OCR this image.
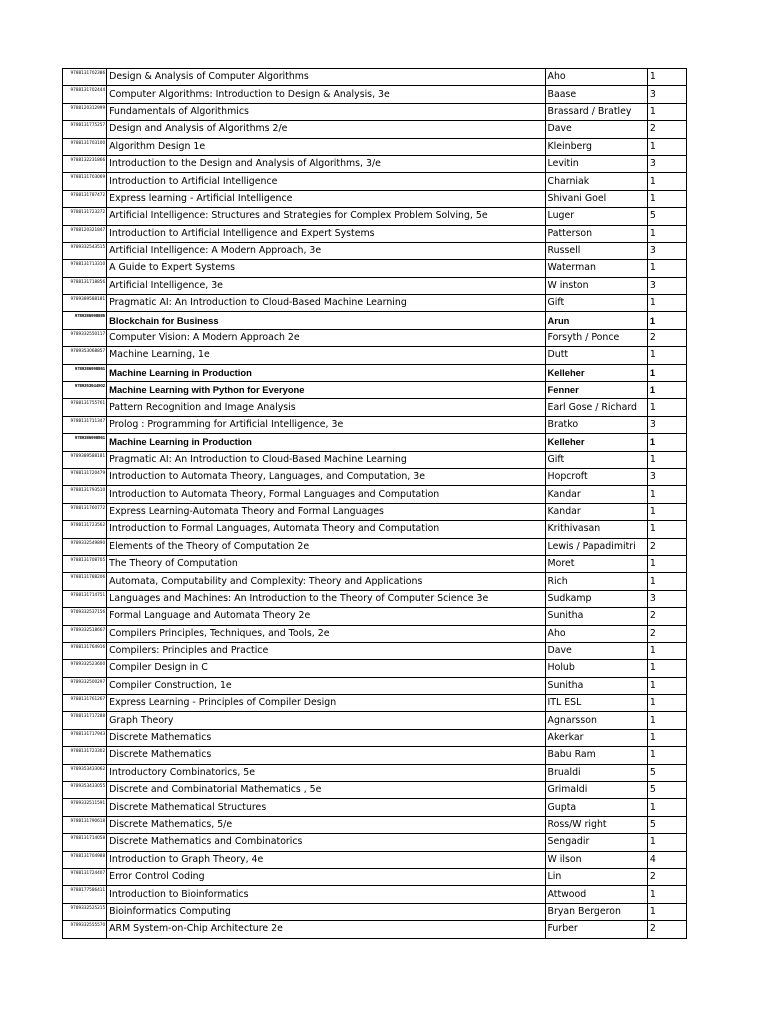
9788131702386	Design & Analysis of Computer Algorithms	Aho	1
9788131702444	Computer Algorithms: Introduction to Design & Analysis, 3e	Baase	3
9788120312999	Fundamentals of Algorithmics	Brassard / Bratley	1
9788131775257	Design and Analysis of Algorithms 2/e	Dave	2
9788131703100	Algorithm Design 1e	Kleinberg	1
9788132231866	Introduction to the Design and Analysis of Algorithms, 3/e	Levitin	3
9788131703069	Introduction to Artificial Intelligence	Charniak	1
9788131787472	Express learning - Artificial Intelligence	Shivani Goel	1
9788131723272	Artificial Intelligence: Structures and Strategies for Complex Problem Solving, 5e	Luger	5
9788120321847	Introduction to Artificial Intelligence and Expert Systems	Patterson	1
9789332543515	Artificial Intelligence: A Modern Approach, 3e	Russell	3
9788131713310	A Guide to Expert Systems	Waterman	1
9788131718856	Artificial Intelligence, 3e	W inston	3
9789389588181	Pragmatic AI: An Introduction to Cloud-Based Machine Learning	Gift	1
9789386998885	Blockchain for Business	Arun	1
9789332550117	Computer Vision: A Modern Approach 2e	Forsyth / Ponce	2
9789353068857	Machine Learning, 1e	Dutt	1
9789386998861	Machine Learning in Production	Kelleher	1
9789353944902	Machine Learning with Python for Everyone	Fenner	1
9788131755761	Pattern Recognition and Image Analysis	Earl Gose / Richard	1
9788131711347	Prolog : Programming for Artificial Intelligence, 3e	Bratko	3
9789386998861	Machine Learning in Production	Kelleher	1
9789389588181	Pragmatic AI: An Introduction to Cloud-Based Machine Learning	Gift	1
9788131720479	Introduction to Automata Theory, Languages, and Computation, 3e	Hopcroft	3
9788131793510	Introduction to Automata Theory, Formal Languages and Computation	Kandar	1
9788131760772	Express Learning-Automata Theory and Formal Languages	Kandar	1
9788131723562	Introduction to Formal Languages, Automata Theory and Computation	Krithivasan	1
9789332549890	Elements of the Theory of Computation 2e	Lewis / Papadimitri	2
9788131708705	The Theory of Computation	Moret	1
9788131788206	Automata, Computability and Complexity: Theory and Applications	Rich	1
9788131714751	Languages and Machines: An Introduction to the Theory of Computer Science 3e	Sudkamp	3
9789332537156	Formal Language and Automata Theory 2e	Sunitha	2
9789332518667	Compilers Principles, Techniques, and Tools, 2e	Aho	2
9788131764916	Compilers: Principles and Practice	Dave	1
9789332523600	Compiler Design in C	Holub	1
9789332500297	Compiler Construction, 1e	Sunitha	1
9788131761267	Express Learning - Principles of Compiler Design	ITL ESL	1
9788131717288	Graph Theory	Agnarsson	1
9788131717943	Discrete Mathematics	Akerkar	1
9788131723302	Discrete Mathematics	Babu Ram	1
9789353433062	Introductory Combinatorics, 5e	Brualdi	5
9789353433055	Discrete and Combinatorial Mathematics , 5e	Grimaldi	5
9789332511591	Discrete Mathematical Structures	Gupta	1
9788131790618	Discrete Mathematics, 5/e	Ross/W right	5
9788131714058	Discrete Mathematics and Combinatorics	Sengadir	1
9788131704988	Introduction to Graph Theory, 4e	W ilson	4
9788131724407	Error Control Coding	Lin	2
9788177586411	Introduction to Bioinformatics	Attwood	1
9789332525215	Bioinformatics Computing	Bryan Bergeron	1
9789332555570	ARM System-on-Chip Architecture 2e	Furber	2
